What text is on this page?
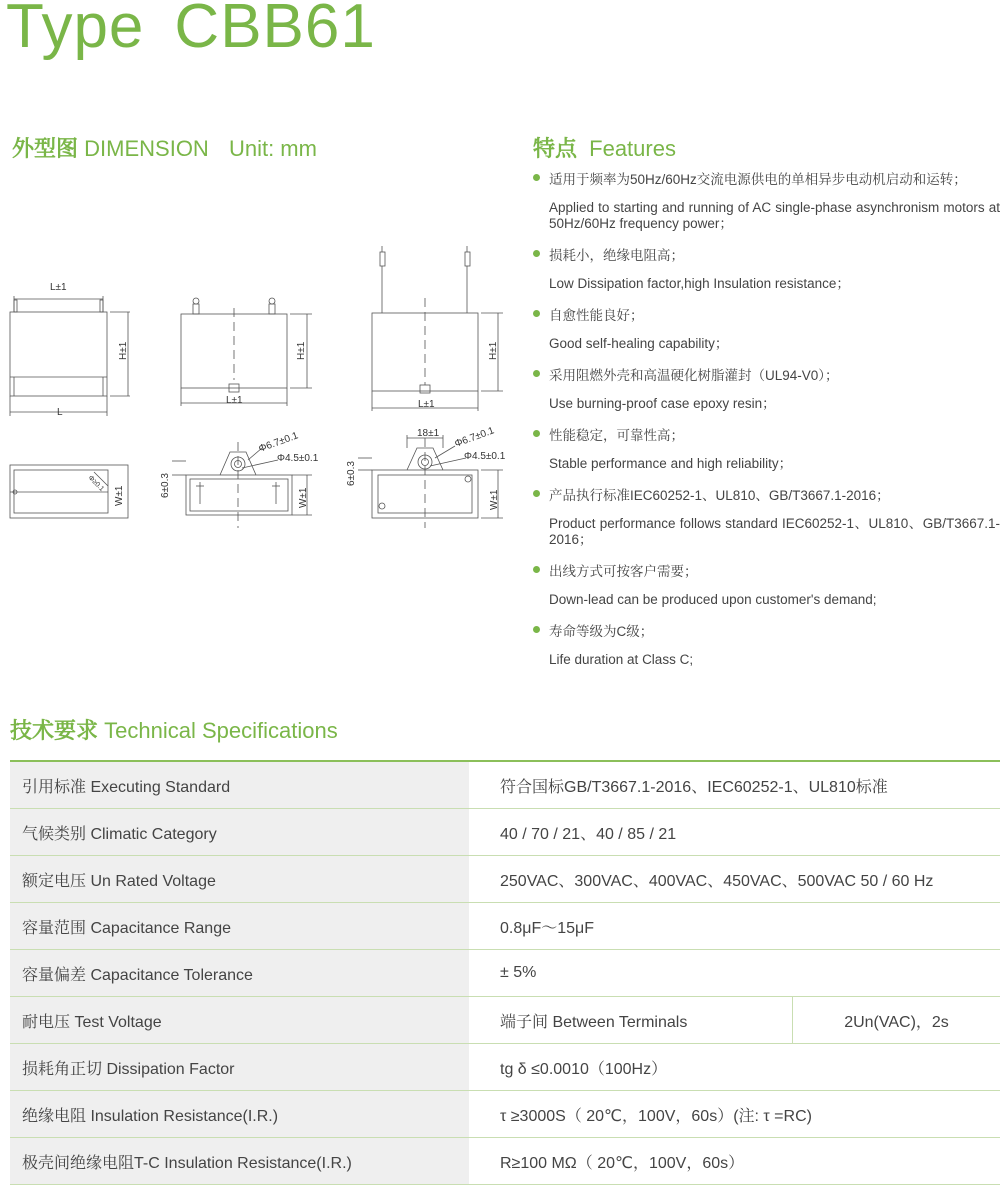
Type CBB61
外型图 DIMENSION Unit: mm
L±1
H±1
L
Φ≥0.1
W±1
L±1
H±1
Φ6.7±0.1
Φ4.5±0.1
6±0.3	W±1
L±1
H±1
18±1 Φ6.7±0.1
Φ4.5±0.1
6±0.3
W±1
特点 Features
适用于频率为50Hz/60Hz交流电源供电的单相异步电动机启动和运转；
Applied to starting and running of AC single-phase asynchronism motors at 50Hz/60Hz frequency power；
损耗小，绝缘电阻高；
Low Dissipation factor,high Insulation resistance；
自愈性能良好；
Good self-healing capability；
采用阻燃外壳和高温硬化树脂灌封（UL94-V0）；
Use burning-proof case epoxy resin；
性能稳定，可靠性高；
Stable performance and high reliability；
产品执行标准IEC60252-1、UL810、GB/T3667.1-2016；
Product performance follows standard IEC60252-1、UL810、GB/T3667.1-2016；
出线方式可按客户需要；
Down-lead can be produced upon customer's demand;
寿命等级为C级；
Life duration at Class C;
技术要求 Technical Specifications
引用标准 Executing Standard	符合国标GB/T3667.1-2016、IEC60252-1、UL810标准	
气候类别 Climatic Category	40 / 70 / 21、40 / 85 / 21	
额定电压 Un Rated Voltage	250VAC、300VAC、400VAC、450VAC、500VAC 50 / 60 Hz	
容量范围 Capacitance Range	0.8μF～15μF	
容量偏差 Capacitance Tolerance	± 5%	
耐电压 Test Voltage	端子间 Between Terminals	2Un(VAC)，2s
损耗角正切 Dissipation Factor	tg δ ≤0.0010（100Hz）	
绝缘电阻 Insulation Resistance(I.R.)	τ ≥3000S（ 20℃，100V，60s）(注: τ =RC)	
极壳间绝缘电阻T-C Insulation Resistance(I.R.)	R≥100 MΩ（ 20℃，100V，60s）	
